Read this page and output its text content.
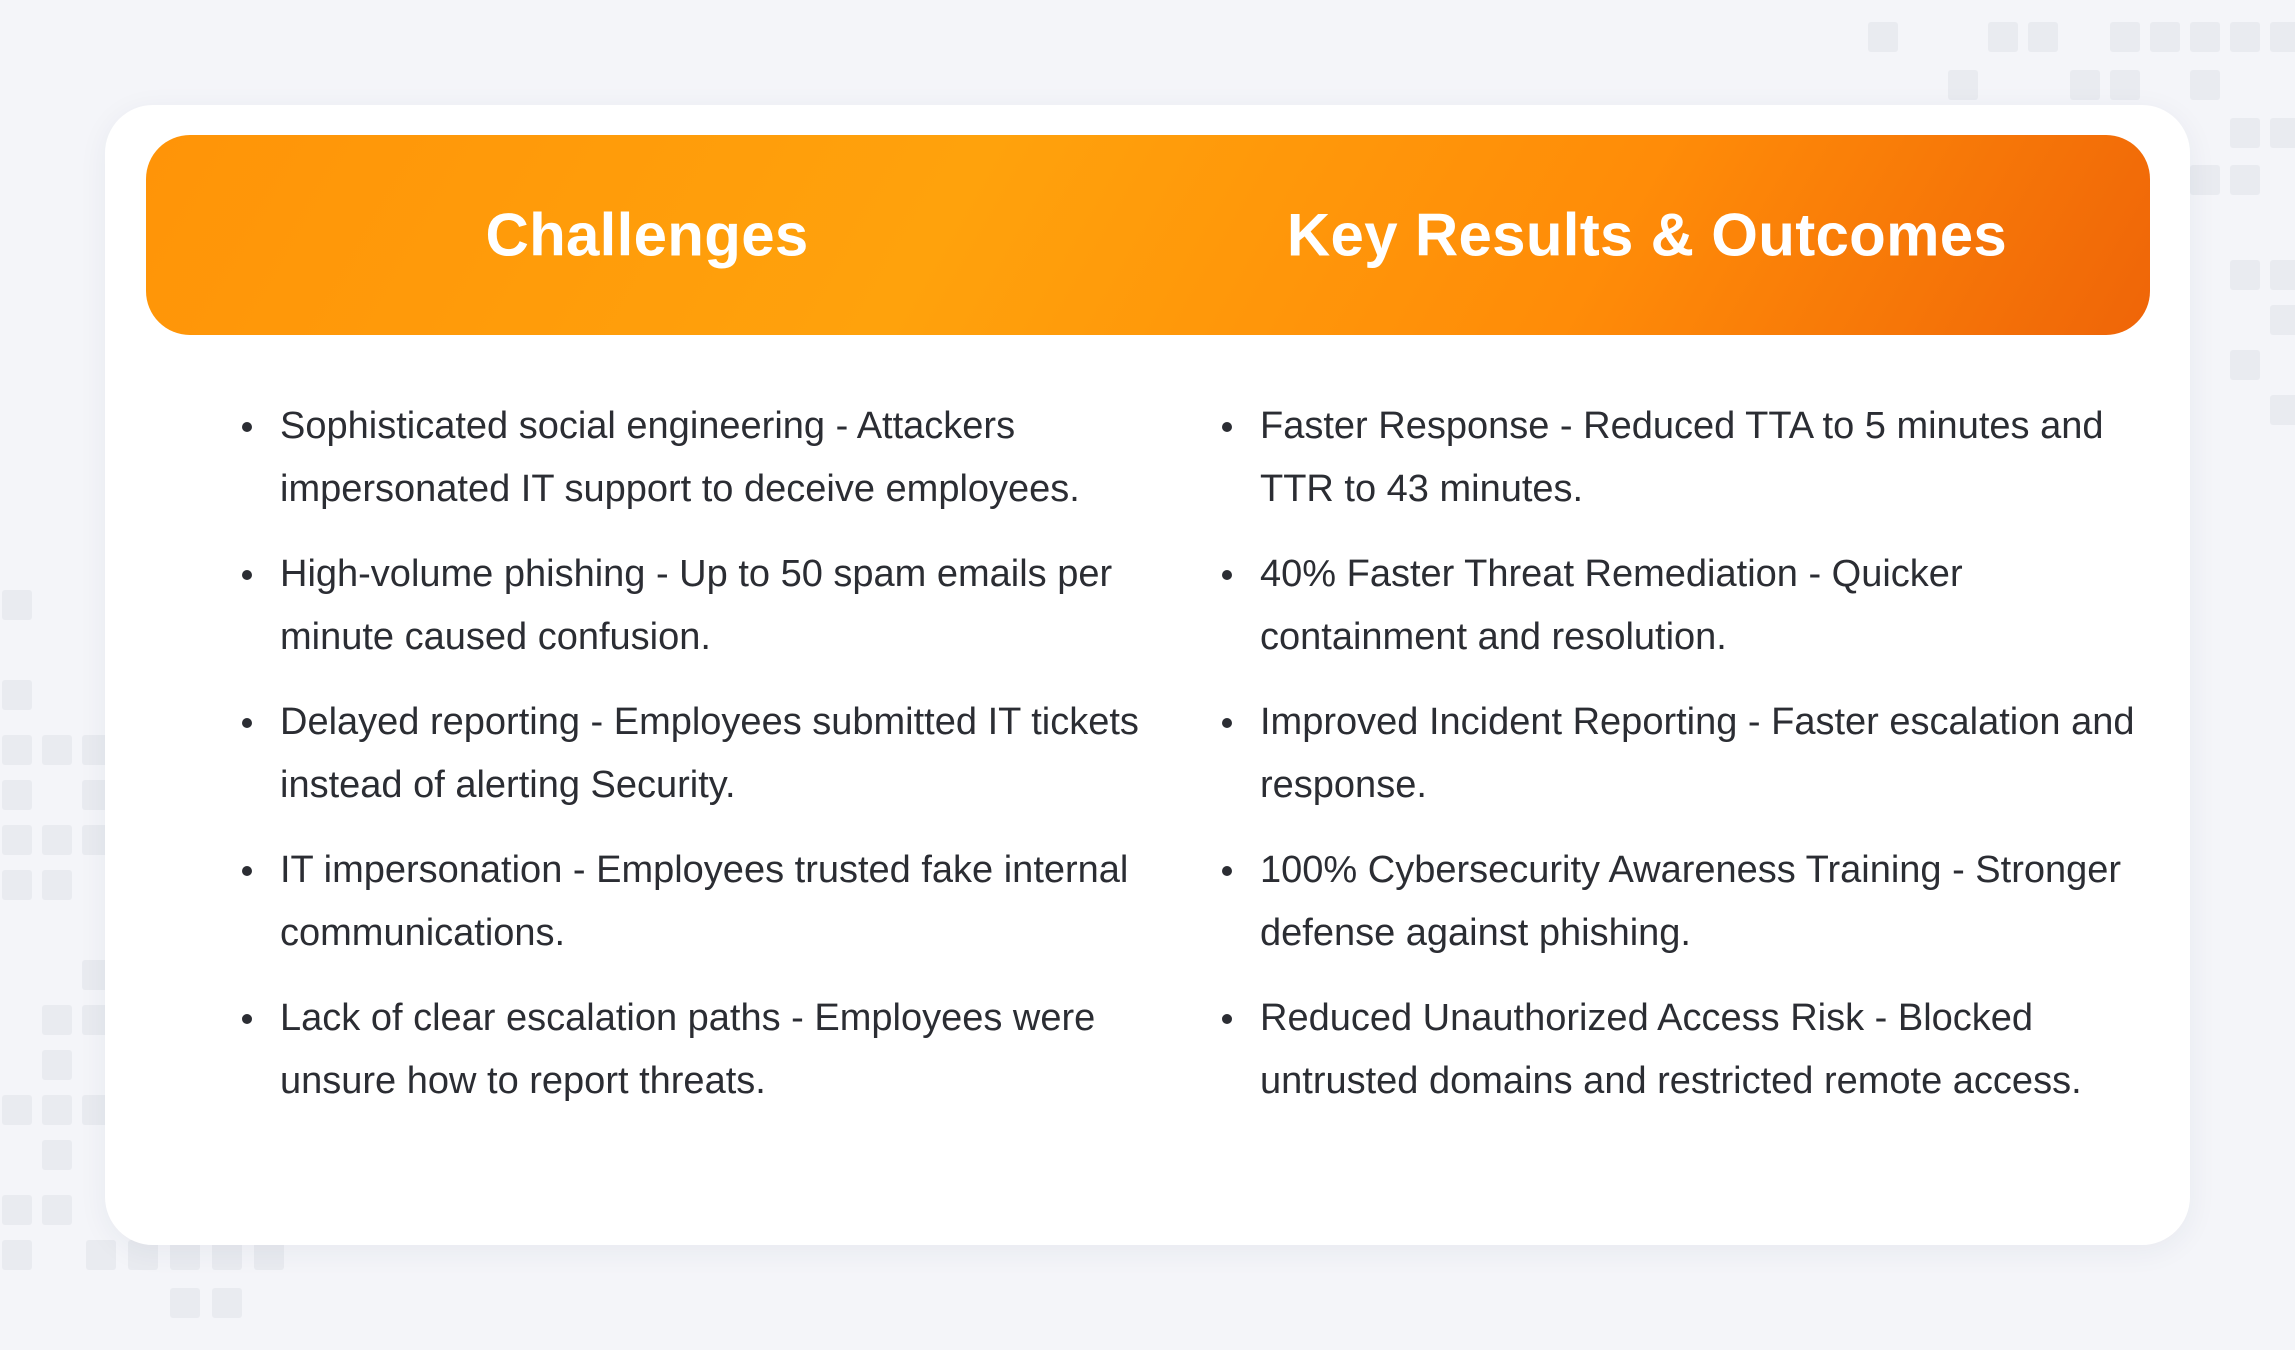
Challenges	Key Results & Outcomes
Sophisticated social engineering - Attackers impersonated IT support to deceive employees.
High-volume phishing - Up to 50 spam emails per minute caused confusion.
Delayed reporting - Employees submitted IT tickets instead of alerting Security.
IT impersonation - Employees trusted fake internal communications.
Lack of clear escalation paths - Employees were unsure how to report threats.
Faster Response - Reduced TTA to 5 minutes and TTR to 43 minutes.
40% Faster Threat Remediation - Quicker containment and resolution.
Improved Incident Reporting - Faster escalation and response.
100% Cybersecurity Awareness Training - Stronger defense against phishing.
Reduced Unauthorized Access Risk - Blocked untrusted domains and restricted remote access.
